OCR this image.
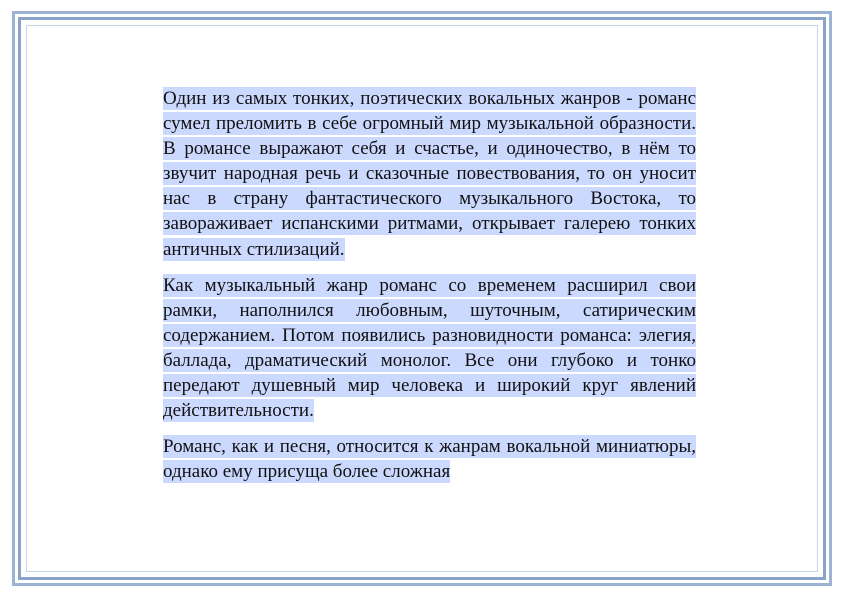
Один из самых тонких, поэтических вокальных жанров - романс сумел преломить в себе огромный мир музыкальной образности. В романсе выражают себя и счастье, и одиночество, в нём то звучит народная речь и сказочные повествования, то он уносит нас в страну фантастического музыкального Востока, то завораживает испанскими ритмами, открывает галерею тонких античных стилизаций.

Как музыкальный жанр романс со временем расширил свои рамки, наполнился любовным, шуточным, сатирическим содержанием. Потом появились разновидности романса: элегия, баллада, драматический монолог. Все они глубоко и тонко передают душевный мир человека и широкий круг явлений действительности.

Романс, как и песня, относится к жанрам вокальной миниатюры, однако ему присуща более сложная
